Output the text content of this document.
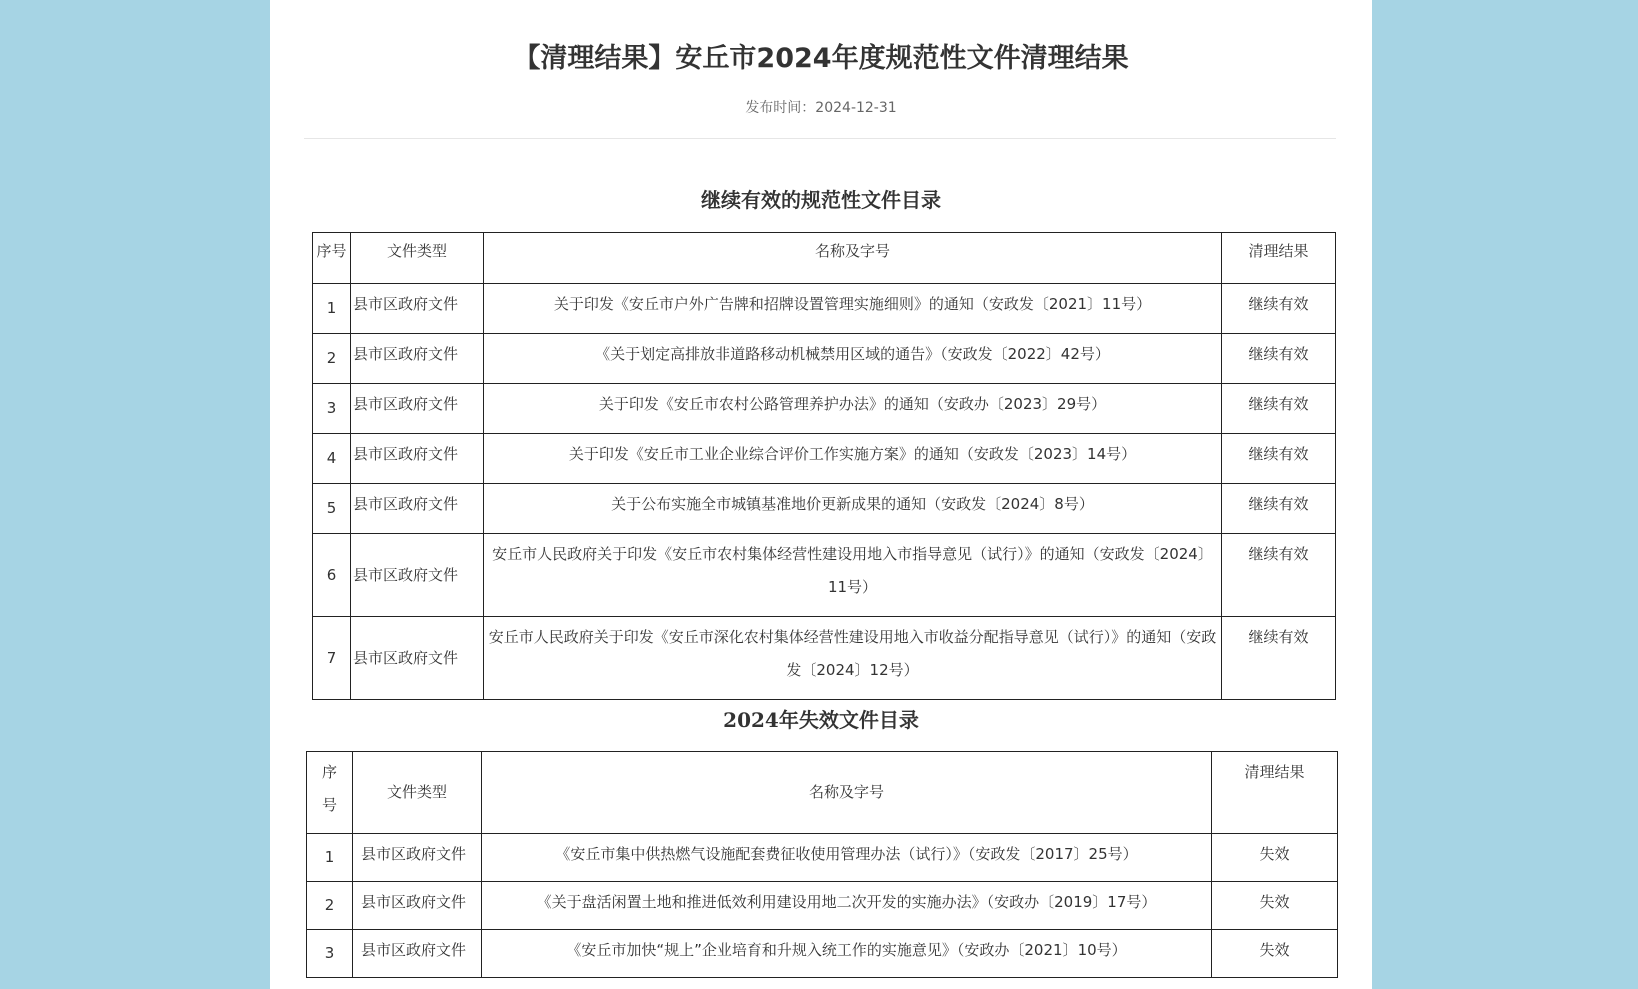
【清理结果】安丘市2024年度规范性文件清理结果
发布时间：2024-12-31
继续有效的规范性文件目录
序号	文件类型	名称及字号	清理结果
1	县市区政府文件	关于印发《安丘市户外广告牌和招牌设置管理实施细则》的通知（安政发〔2021〕11号）	继续有效
2	县市区政府文件	《关于划定高排放非道路移动机械禁用区域的通告》（安政发〔2022〕42号）	继续有效
3	县市区政府文件	关于印发《安丘市农村公路管理养护办法》的通知（安政办〔2023〕29号）	继续有效
4	县市区政府文件	关于印发《安丘市工业企业综合评价工作实施方案》的通知（安政发〔2023〕14号）	继续有效
5	县市区政府文件	关于公布实施全市城镇基准地价更新成果的通知（安政发〔2024〕8号）	继续有效
6	县市区政府文件	安丘市人民政府关于印发《安丘市农村集体经营性建设用地入市指导意见（试行）》的通知（安政发〔2024〕11号）	继续有效
7	县市区政府文件	安丘市人民政府关于印发《安丘市深化农村集体经营性建设用地入市收益分配指导意见（试行）》的通知（安政发〔2024〕12号）	继续有效
2024年失效文件目录
序
号	文件类型	名称及字号	清理结果
1	县市区政府文件	《安丘市集中供热燃气设施配套费征收使用管理办法（试行）》（安政发〔2017〕25号）	失效
2	县市区政府文件	《关于盘活闲置土地和推进低效利用建设用地二次开发的实施办法》（安政办〔2019〕17号）	失效
3	县市区政府文件	《安丘市加快“规上”企业培育和升规入统工作的实施意见》（安政办〔2021〕10号）	失效
